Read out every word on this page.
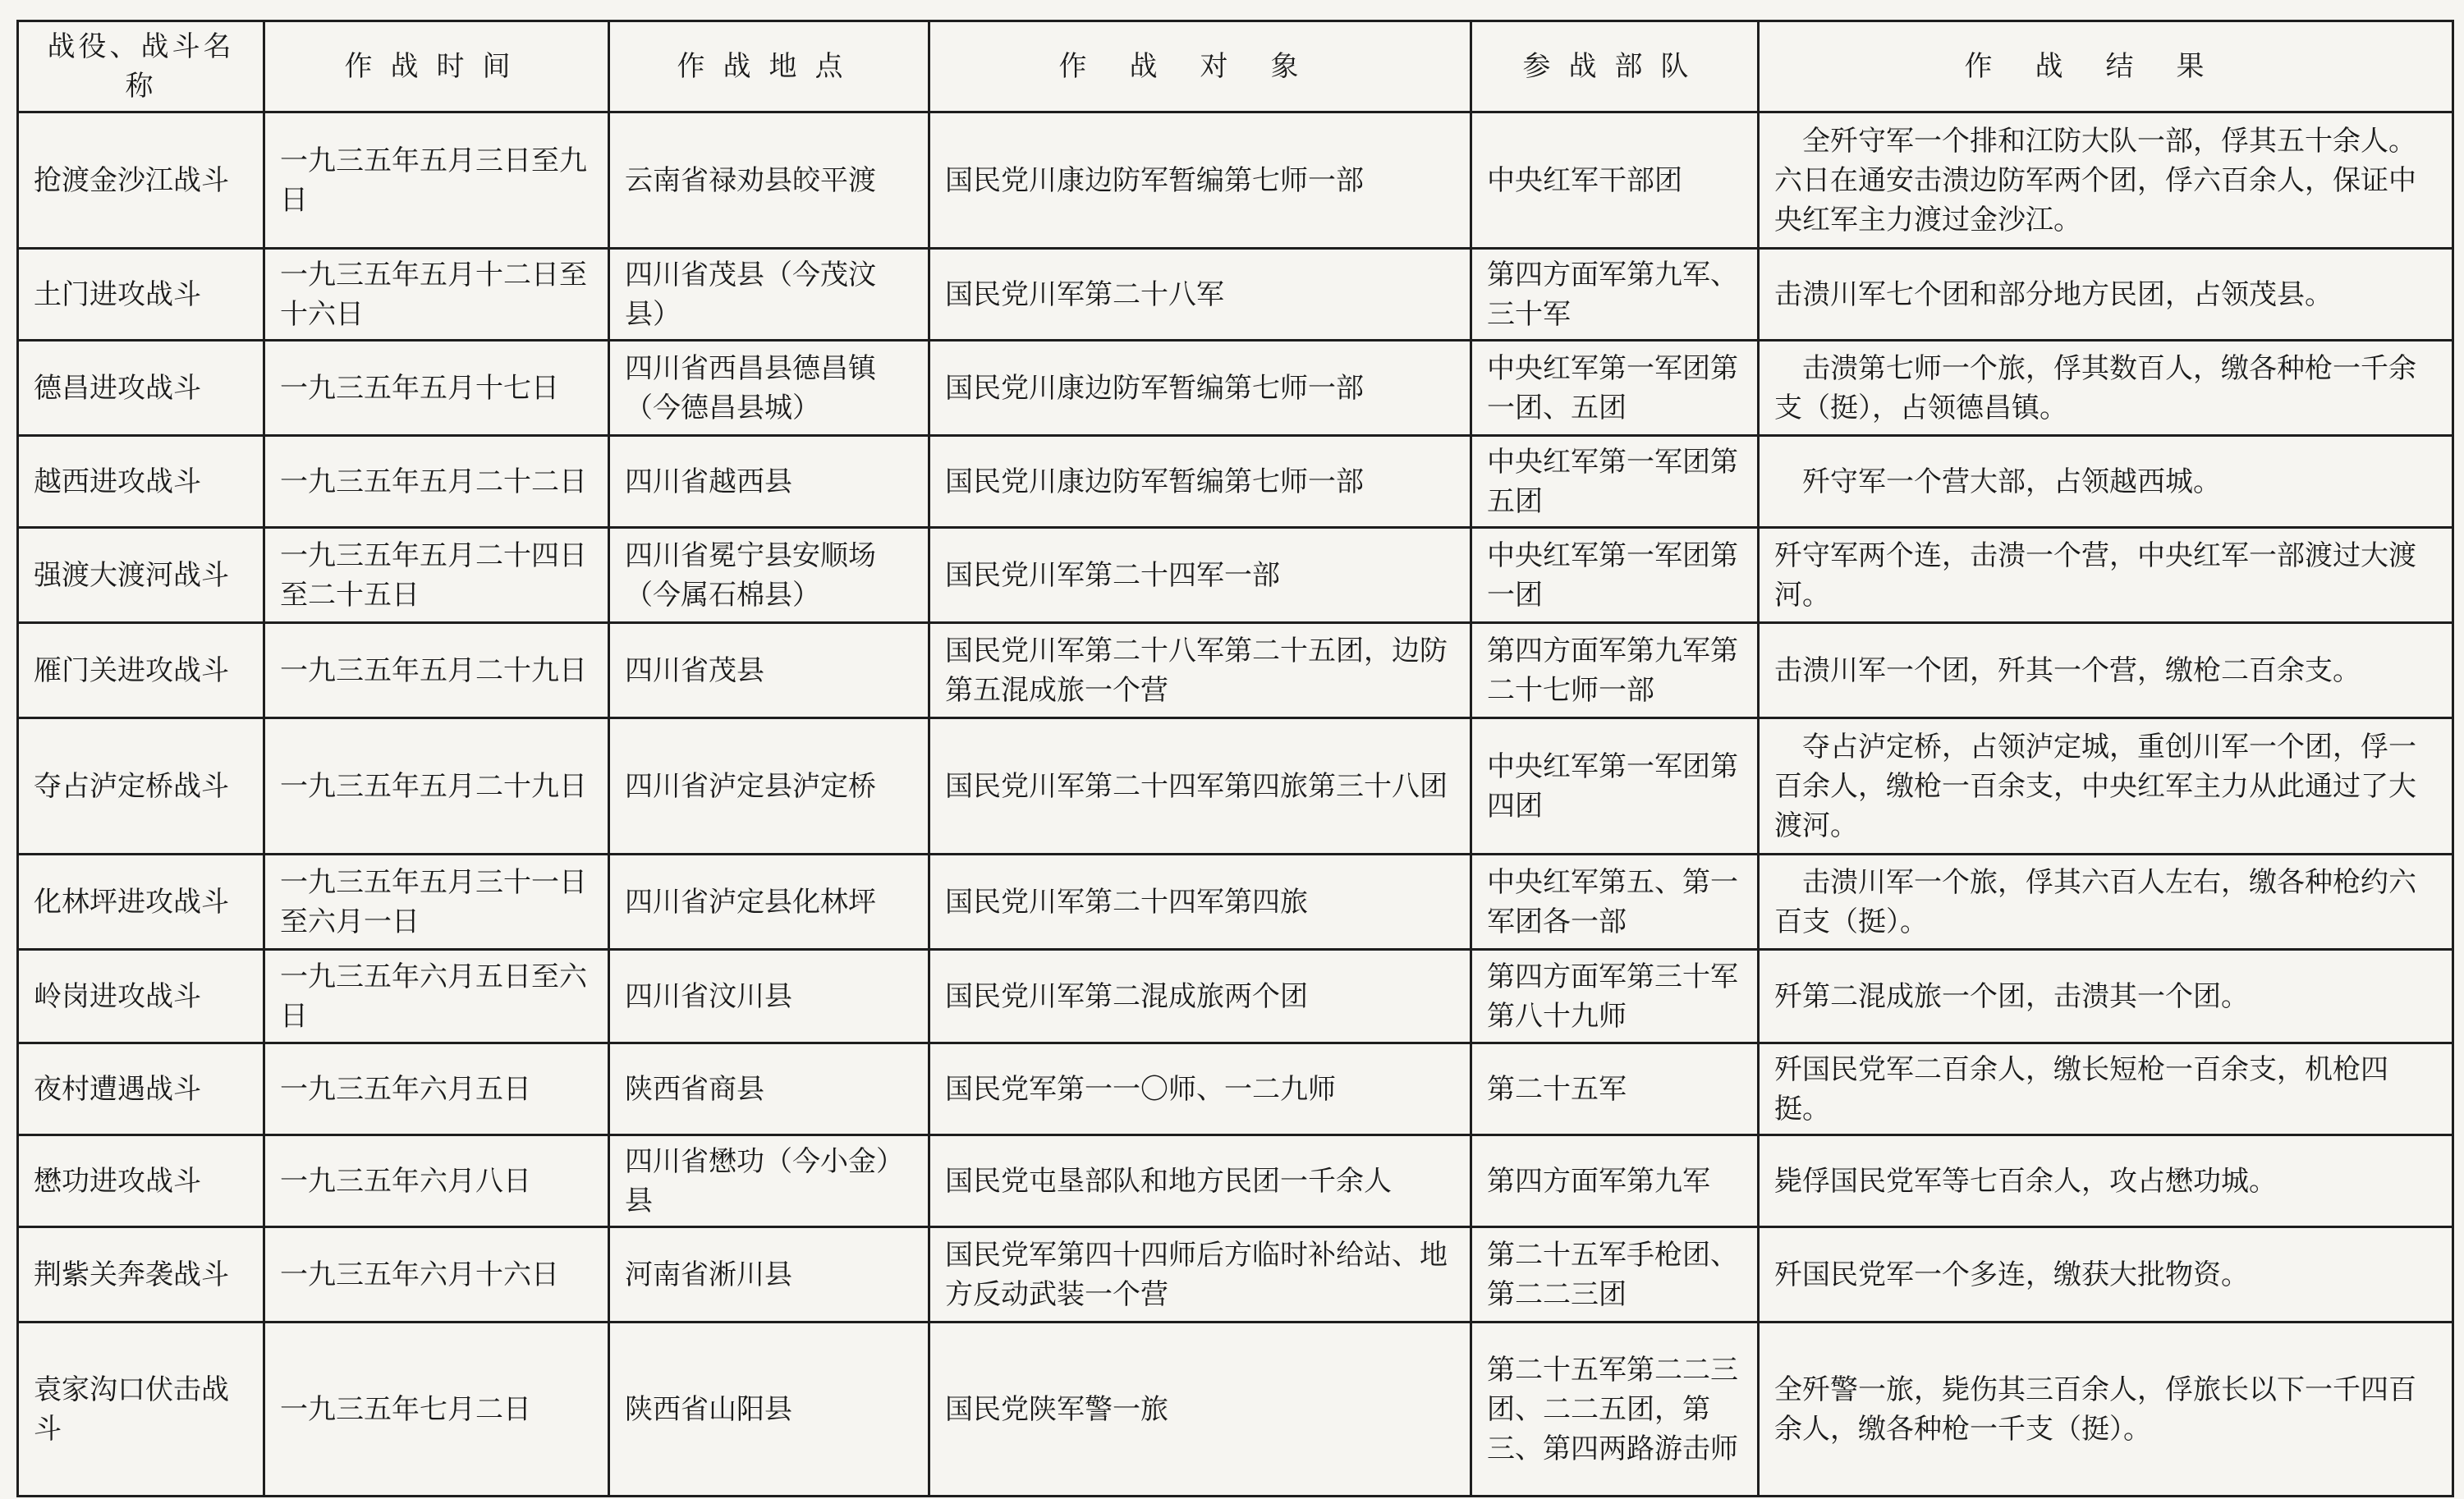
战役、战斗名称	作战时间	作战地点	作战对象	参战部队	作战结果
抢渡金沙江战斗	一九三五年五月三日至九日	云南省禄劝县皎平渡	国民党川康边防军暂编第七师一部	中央红军干部团	　全歼守军一个排和江防大队一部，俘其五十余人。六日在通安击溃边防军两个团，俘六百余人，保证中央红军主力渡过金沙江。
土门进攻战斗	一九三五年五月十二日至十六日	四川省茂县（今茂汶县）	国民党川军第二十八军	第四方面军第九军、三十军	击溃川军七个团和部分地方民团，占领茂县。
德昌进攻战斗	一九三五年五月十七日	四川省西昌县德昌镇（今德昌县城）	国民党川康边防军暂编第七师一部	中央红军第一军团第一团、五团	　击溃第七师一个旅，俘其数百人，缴各种枪一千余支（挺），占领德昌镇。
越西进攻战斗	一九三五年五月二十二日	四川省越西县	国民党川康边防军暂编第七师一部	中央红军第一军团第五团	　歼守军一个营大部，占领越西城。
强渡大渡河战斗	一九三五年五月二十四日至二十五日	四川省冕宁县安顺场（今属石棉县）	国民党川军第二十四军一部	中央红军第一军团第一团	歼守军两个连，击溃一个营，中央红军一部渡过大渡河。
雁门关进攻战斗	一九三五年五月二十九日	四川省茂县	国民党川军第二十八军第二十五团，边防第五混成旅一个营	第四方面军第九军第二十七师一部	击溃川军一个团，歼其一个营，缴枪二百余支。
夺占泸定桥战斗	一九三五年五月二十九日	四川省泸定县泸定桥	国民党川军第二十四军第四旅第三十八团	中央红军第一军团第四团	　夺占泸定桥，占领泸定城，重创川军一个团，俘一百余人，缴枪一百余支，中央红军主力从此通过了大渡河。
化林坪进攻战斗	一九三五年五月三十一日至六月一日	四川省泸定县化林坪	国民党川军第二十四军第四旅	中央红军第五、第一军团各一部	　击溃川军一个旅，俘其六百人左右，缴各种枪约六百支（挺）。
岭岗进攻战斗	一九三五年六月五日至六日	四川省汶川县	国民党川军第二混成旅两个团	第四方面军第三十军第八十九师	歼第二混成旅一个团，击溃其一个团。
夜村遭遇战斗	一九三五年六月五日	陕西省商县	国民党军第一一〇师、一二九师	第二十五军	歼国民党军二百余人，缴长短枪一百余支，机枪四挺。
懋功进攻战斗	一九三五年六月八日	四川省懋功（今小金）县	国民党屯垦部队和地方民团一千余人	第四方面军第九军	毙俘国民党军等七百余人，攻占懋功城。
荆紫关奔袭战斗	一九三五年六月十六日	河南省淅川县	国民党军第四十四师后方临时补给站、地方反动武装一个营	第二十五军手枪团、第二二三团	歼国民党军一个多连，缴获大批物资。
袁家沟口伏击战斗	一九三五年七月二日	陕西省山阳县	国民党陕军警一旅	第二十五军第二二三团、二二五团，第三、第四两路游击师	全歼警一旅，毙伤其三百余人，俘旅长以下一千四百余人，缴各种枪一千支（挺）。
